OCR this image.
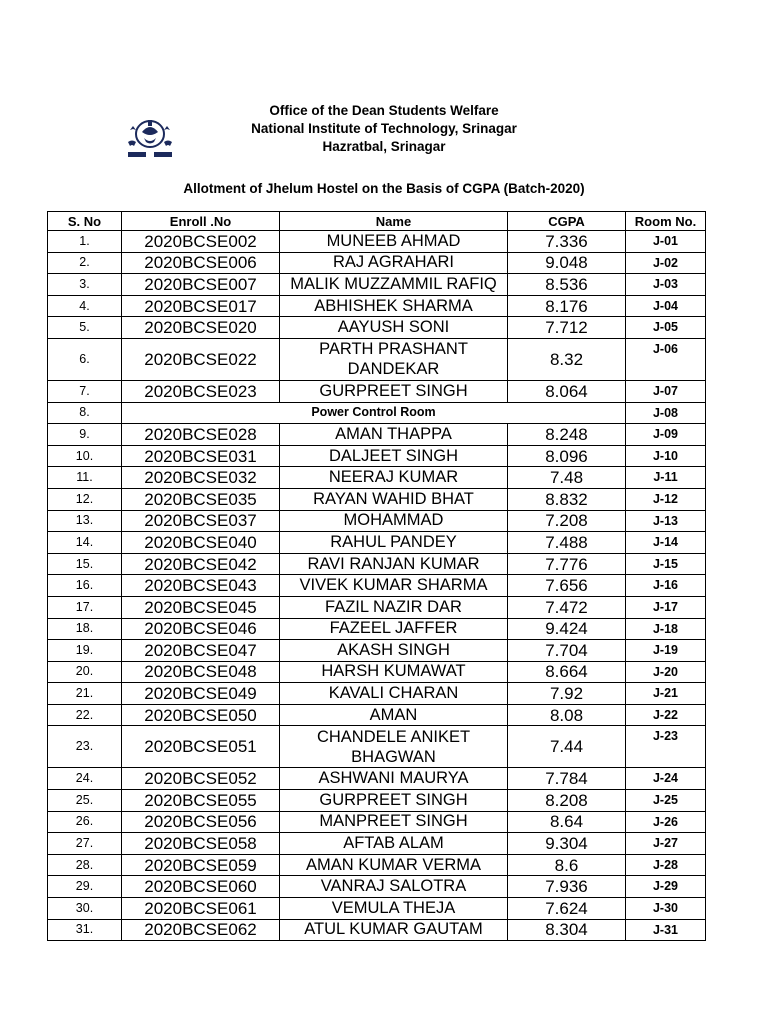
Office of the Dean Students Welfare
National Institute of Technology, Srinagar
Hazratbal, Srinagar
Allotment of Jhelum Hostel on the Basis of CGPA (Batch-2020)
S. No	Enroll .No	Name	CGPA	Room No.
1.	2020BCSE002	MUNEEB AHMAD	7.336	J-01
2.	2020BCSE006	RAJ AGRAHARI	9.048	J-02
3.	2020BCSE007	MALIK MUZZAMMIL RAFIQ	8.536	J-03
4.	2020BCSE017	ABHISHEK SHARMA	8.176	J-04
5.	2020BCSE020	AAYUSH SONI	7.712	J-05
6.	2020BCSE022	PARTH PRASHANT DANDEKAR	8.32	J-06
7.	2020BCSE023	GURPREET SINGH	8.064	J-07
8.	Power Control Room			J-08
9.	2020BCSE028	AMAN THAPPA	8.248	J-09
10.	2020BCSE031	DALJEET SINGH	8.096	J-10
11.	2020BCSE032	NEERAJ KUMAR	7.48	J-11
12.	2020BCSE035	RAYAN WAHID BHAT	8.832	J-12
13.	2020BCSE037	MOHAMMAD	7.208	J-13
14.	2020BCSE040	RAHUL PANDEY	7.488	J-14
15.	2020BCSE042	RAVI RANJAN KUMAR	7.776	J-15
16.	2020BCSE043	VIVEK KUMAR SHARMA	7.656	J-16
17.	2020BCSE045	FAZIL NAZIR DAR	7.472	J-17
18.	2020BCSE046	FAZEEL JAFFER	9.424	J-18
19.	2020BCSE047	AKASH SINGH	7.704	J-19
20.	2020BCSE048	HARSH KUMAWAT	8.664	J-20
21.	2020BCSE049	KAVALI CHARAN	7.92	J-21
22.	2020BCSE050	AMAN	8.08	J-22
23.	2020BCSE051	CHANDELE ANIKET BHAGWAN	7.44	J-23
24.	2020BCSE052	ASHWANI MAURYA	7.784	J-24
25.	2020BCSE055	GURPREET SINGH	8.208	J-25
26.	2020BCSE056	MANPREET SINGH	8.64	J-26
27.	2020BCSE058	AFTAB ALAM	9.304	J-27
28.	2020BCSE059	AMAN KUMAR VERMA	8.6	J-28
29.	2020BCSE060	VANRAJ SALOTRA	7.936	J-29
30.	2020BCSE061	VEMULA THEJA	7.624	J-30
31.	2020BCSE062	ATUL KUMAR GAUTAM	8.304	J-31
